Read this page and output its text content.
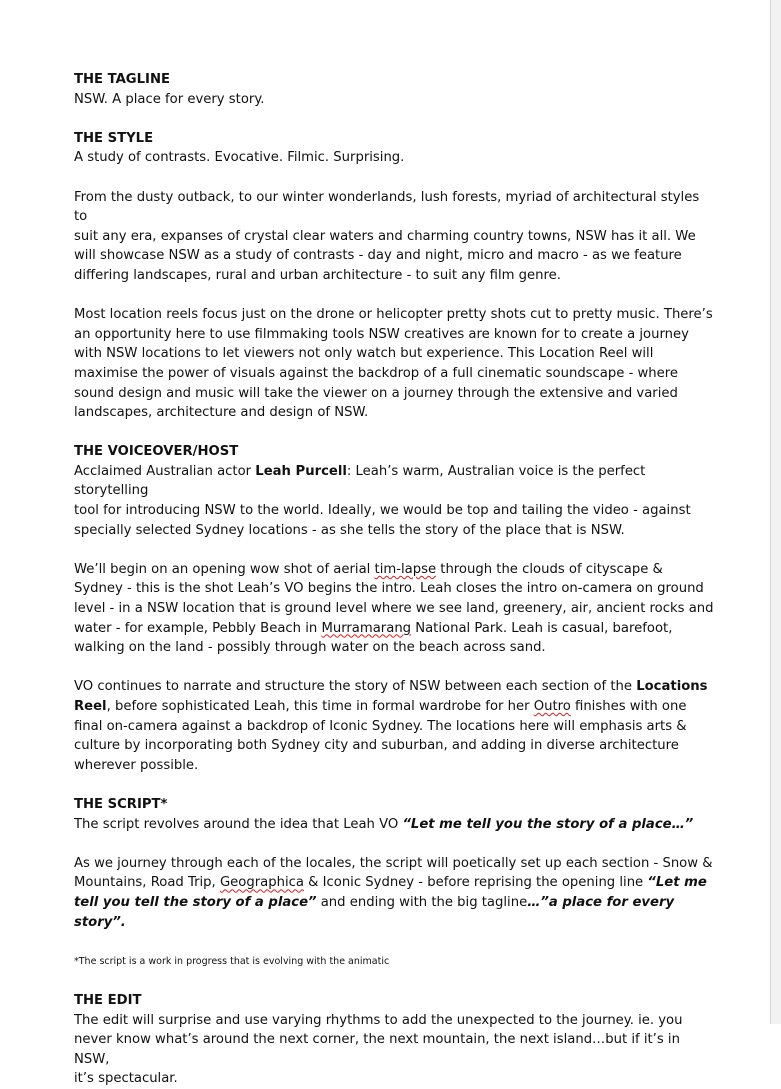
THE TAGLINE

NSW. A place for every story.

THE STYLE

A study of contrasts. Evocative. Filmic. Surprising.

From the dusty outback, to our winter wonderlands, lush forests, myriad of architectural styles to

suit any era, expanses of crystal clear waters and charming country towns, NSW has it all. We

will showcase NSW as a study of contrasts - day and night, micro and macro - as we feature

differing landscapes, rural and urban architecture - to suit any film genre.

Most location reels focus just on the drone or helicopter pretty shots cut to pretty music. There’s

an opportunity here to use filmmaking tools NSW creatives are known for to create a journey

with NSW locations to let viewers not only watch but experience. This Location Reel will

maximise the power of visuals against the backdrop of a full cinematic soundscape - where

sound design and music will take the viewer on a journey through the extensive and varied

landscapes, architecture and design of NSW.

THE VOICEOVER/HOST

Acclaimed Australian actor Leah Purcell: Leah’s warm, Australian voice is the perfect storytelling

tool for introducing NSW to the world. Ideally, we would be top and tailing the video - against

specially selected Sydney locations - as she tells the story of the place that is NSW.

We’ll begin on an opening wow shot of aerial tim-lapse through the clouds of cityscape &

Sydney - this is the shot Leah’s VO begins the intro. Leah closes the intro on-camera on ground

level - in a NSW location that is ground level where we see land, greenery, air, ancient rocks and

water - for example, Pebbly Beach in Murramarang National Park. Leah is casual, barefoot,

walking on the land - possibly through water on the beach across sand.

VO continues to narrate and structure the story of NSW between each section of the Locations

Reel, before sophisticated Leah, this time in formal wardrobe for her Outro finishes with one

final on-camera against a backdrop of Iconic Sydney. The locations here will emphasis arts &

culture by incorporating both Sydney city and suburban, and adding in diverse architecture

wherever possible.

THE SCRIPT*

The script revolves around the idea that Leah VO “Let me tell you the story of a place…”

As we journey through each of the locales, the script will poetically set up each section - Snow &

Mountains, Road Trip, Geographica & Iconic Sydney - before reprising the opening line “Let me

tell you tell the story of a place” and ending with the big tagline…”a place for every story”.

*The script is a work in progress that is evolving with the animatic

THE EDIT

The edit will surprise and use varying rhythms to add the unexpected to the journey. ie. you

never know what’s around the next corner, the next mountain, the next island…but if it’s in NSW,

it’s spectacular.
